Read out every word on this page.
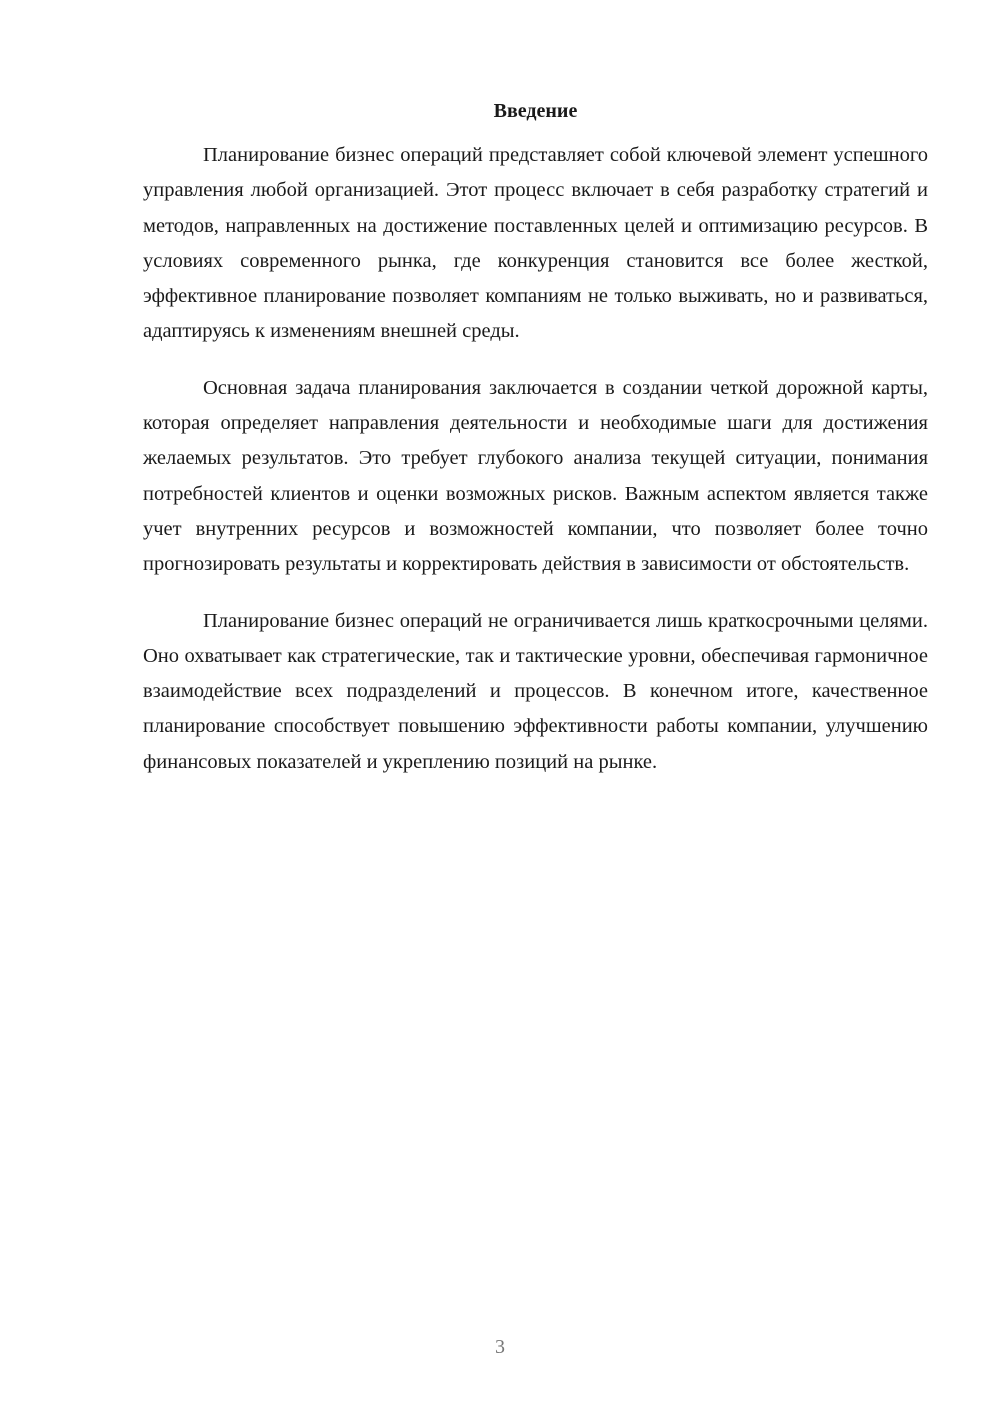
Введение

Планирование бизнес операций представляет собой ключевой элемент успешного управления любой организацией. Этот процесс включает в себя разработку стратегий и методов, направленных на достижение поставленных целей и оптимизацию ресурсов. В условиях современного рынка, где конкуренция становится все более жесткой, эффективное планирование позволяет компаниям не только выживать, но и развиваться, адаптируясь к изменениям внешней среды.

Основная задача планирования заключается в создании четкой дорожной карты, которая определяет направления деятельности и необходимые шаги для достижения желаемых результатов. Это требует глубокого анализа текущей ситуации, понимания потребностей клиентов и оценки возможных рисков. Важным аспектом является также учет внутренних ресурсов и возможностей компании, что позволяет более точно прогнозировать результаты и корректировать действия в зависимости от обстоятельств.

Планирование бизнес операций не ограничивается лишь краткосрочными целями. Оно охватывает как стратегические, так и тактические уровни, обеспечивая гармоничное взаимодействие всех подразделений и процессов. В конечном итоге, качественное планирование способствует повышению эффективности работы компании, улучшению финансовых показателей и укреплению позиций на рынке.

3
